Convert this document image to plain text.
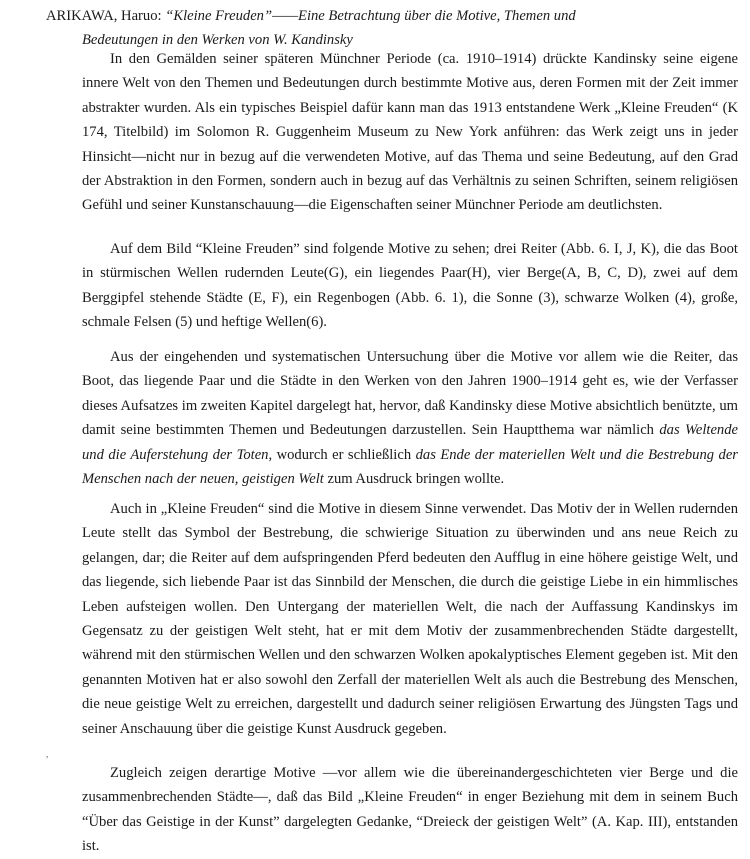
ARIKAWA, Haruo: “Kleine Freuden”——Eine Betrachtung über die Motive, Themen und
Bedeutungen in den Werken von W. Kandinsky
In den Gemälden seiner späteren Münchner Periode (ca. 1910–1914) drückte Kandinsky seine eigene innere Welt von den Themen und Bedeutungen durch bestimmte Motive aus, deren Formen mit der Zeit immer abstrakter wurden. Als ein typisches Beispiel dafür kann man das 1913 entstandene Werk „Kleine Freuden“ (K 174, Titelbild) im Solomon R. Guggenheim Museum zu New York anführen: das Werk zeigt uns in jeder Hinsicht—nicht nur in bezug auf die verwendeten Motive, auf das Thema und seine Bedeutung, auf den Grad der Abstraktion in den Formen, sondern auch in bezug auf das Verhältnis zu seinen Schriften, seinem religiösen Gefühl und seiner Kunstanschauung—die Eigenschaften seiner Münchner Periode am deutlichsten.
Auf dem Bild “Kleine Freuden” sind folgende Motive zu sehen; drei Reiter (Abb. 6. I, J, K), die das Boot in stürmischen Wellen rudernden Leute(G), ein liegendes Paar(H), vier Berge(A, B, C, D), zwei auf dem Berggipfel stehende Städte (E, F), ein Regenbogen (Abb. 6. 1), die Sonne (3), schwarze Wolken (4), große, schmale Felsen (5) und heftige Wellen(6).
Aus der eingehenden und systematischen Untersuchung über die Motive vor allem wie die Reiter, das Boot, das liegende Paar und die Städte in den Werken von den Jahren 1900–1914 geht es, wie der Verfasser dieses Aufsatzes im zweiten Kapitel dargelegt hat, hervor, daß Kandinsky diese Motive absichtlich benützte, um damit seine bestimmten Themen und Bedeutungen darzustellen. Sein Hauptthema war nämlich das Weltende und die Auferstehung der Toten, wodurch er schließlich das Ende der materiellen Welt und die Bestrebung der Menschen nach der neuen, geistigen Welt zum Ausdruck bringen wollte.
Auch in „Kleine Freuden“ sind die Motive in diesem Sinne verwendet. Das Motiv der in Wellen rudernden Leute stellt das Symbol der Bestrebung, die schwierige Situation zu überwinden und ans neue Reich zu gelangen, dar; die Reiter auf dem aufspringenden Pferd bedeuten den Aufflug in eine höhere geistige Welt, und das liegende, sich liebende Paar ist das Sinnbild der Menschen, die durch die geistige Liebe in ein himmlisches Leben aufsteigen wollen. Den Untergang der materiellen Welt, die nach der Auffassung Kandinskys im Gegensatz zu der geistigen Welt steht, hat er mit dem Motiv der zusammenbrechenden Städte dargestellt, während mit den stürmischen Wellen und den schwarzen Wolken apokalyptisches Element gegeben ist. Mit den genannten Motiven hat er also sowohl den Zerfall der materiellen Welt als auch die Bestrebung des Menschen, die neue geistige Welt zu erreichen, dargestellt und dadurch seiner religiösen Erwartung des Jüngsten Tags und seiner Anschauung über die geistige Kunst Ausdruck gegeben.
Zugleich zeigen derartige Motive —vor allem wie die übereinandergeschichteten vier Berge und die zusammenbrechenden Städte—, daß das Bild „Kleine Freuden“ in enger Beziehung mit dem in seinem Buch “Über das Geistige in der Kunst” dargelegten Gedanke, “Dreieck der geistigen Welt” (A. Kap. III), entstanden ist.
,
